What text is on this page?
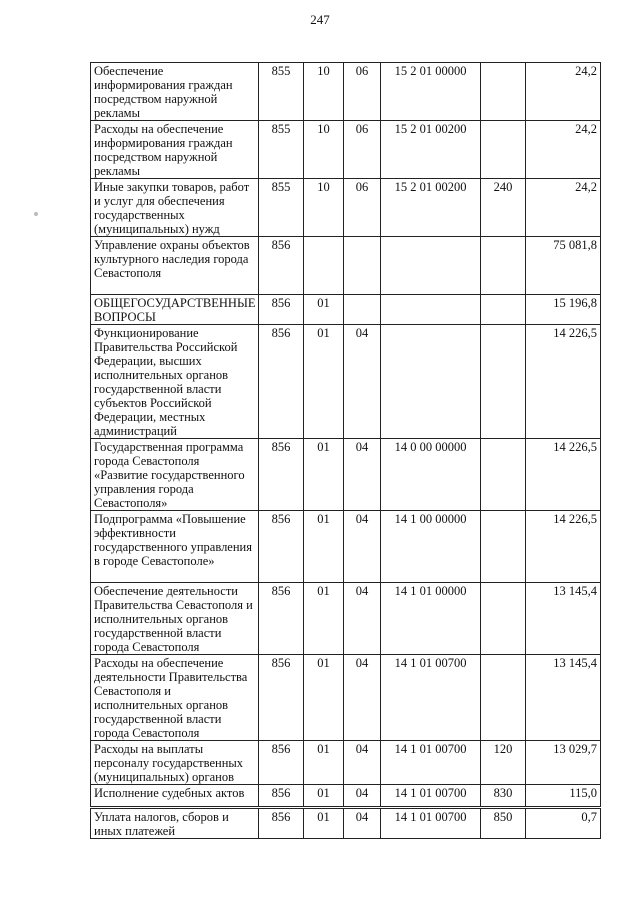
247
Обеспечение информирования граждан посредством наружной рекламы	855	10	06	15 2 01 00000		24,2
Расходы на обеспечение информирования граждан посредством наружной рекламы	855	10	06	15 2 01 00200		24,2
Иные закупки товаров, работ и услуг для обеспечения государственных (муниципальных) нужд	855	10	06	15 2 01 00200	240	24,2
Управление охраны объектов культурного наследия города Севастополя	856					75 081,8
ОБЩЕГОСУДАРСТВЕННЫЕ ВОПРОСЫ	856	01				15 196,8
Функционирование Правительства Российской Федерации, высших исполнительных органов государственной власти субъектов Российской Федерации, местных администраций	856	01	04			14 226,5
Государственная программа города Севастополя «Развитие государственного управления города Севастополя»	856	01	04	14 0 00 00000		14 226,5
Подпрограмма «Повышение эффективности государственного управления в городе Севастополе»	856	01	04	14 1 00 00000		14 226,5
Обеспечение деятельности Правительства Севастополя и исполнительных органов государственной власти города Севастополя	856	01	04	14 1 01 00000		13 145,4
Расходы на обеспечение деятельности Правительства Севастополя и исполнительных органов государственной власти города Севастополя	856	01	04	14 1 01 00700		13 145,4
Расходы на выплаты персоналу государственных (муниципальных) органов	856	01	04	14 1 01 00700	120	13 029,7
Исполнение судебных актов	856	01	04	14 1 01 00700	830	115,0
Уплата налогов, сборов и иных платежей	856	01	04	14 1 01 00700	850	0,7
